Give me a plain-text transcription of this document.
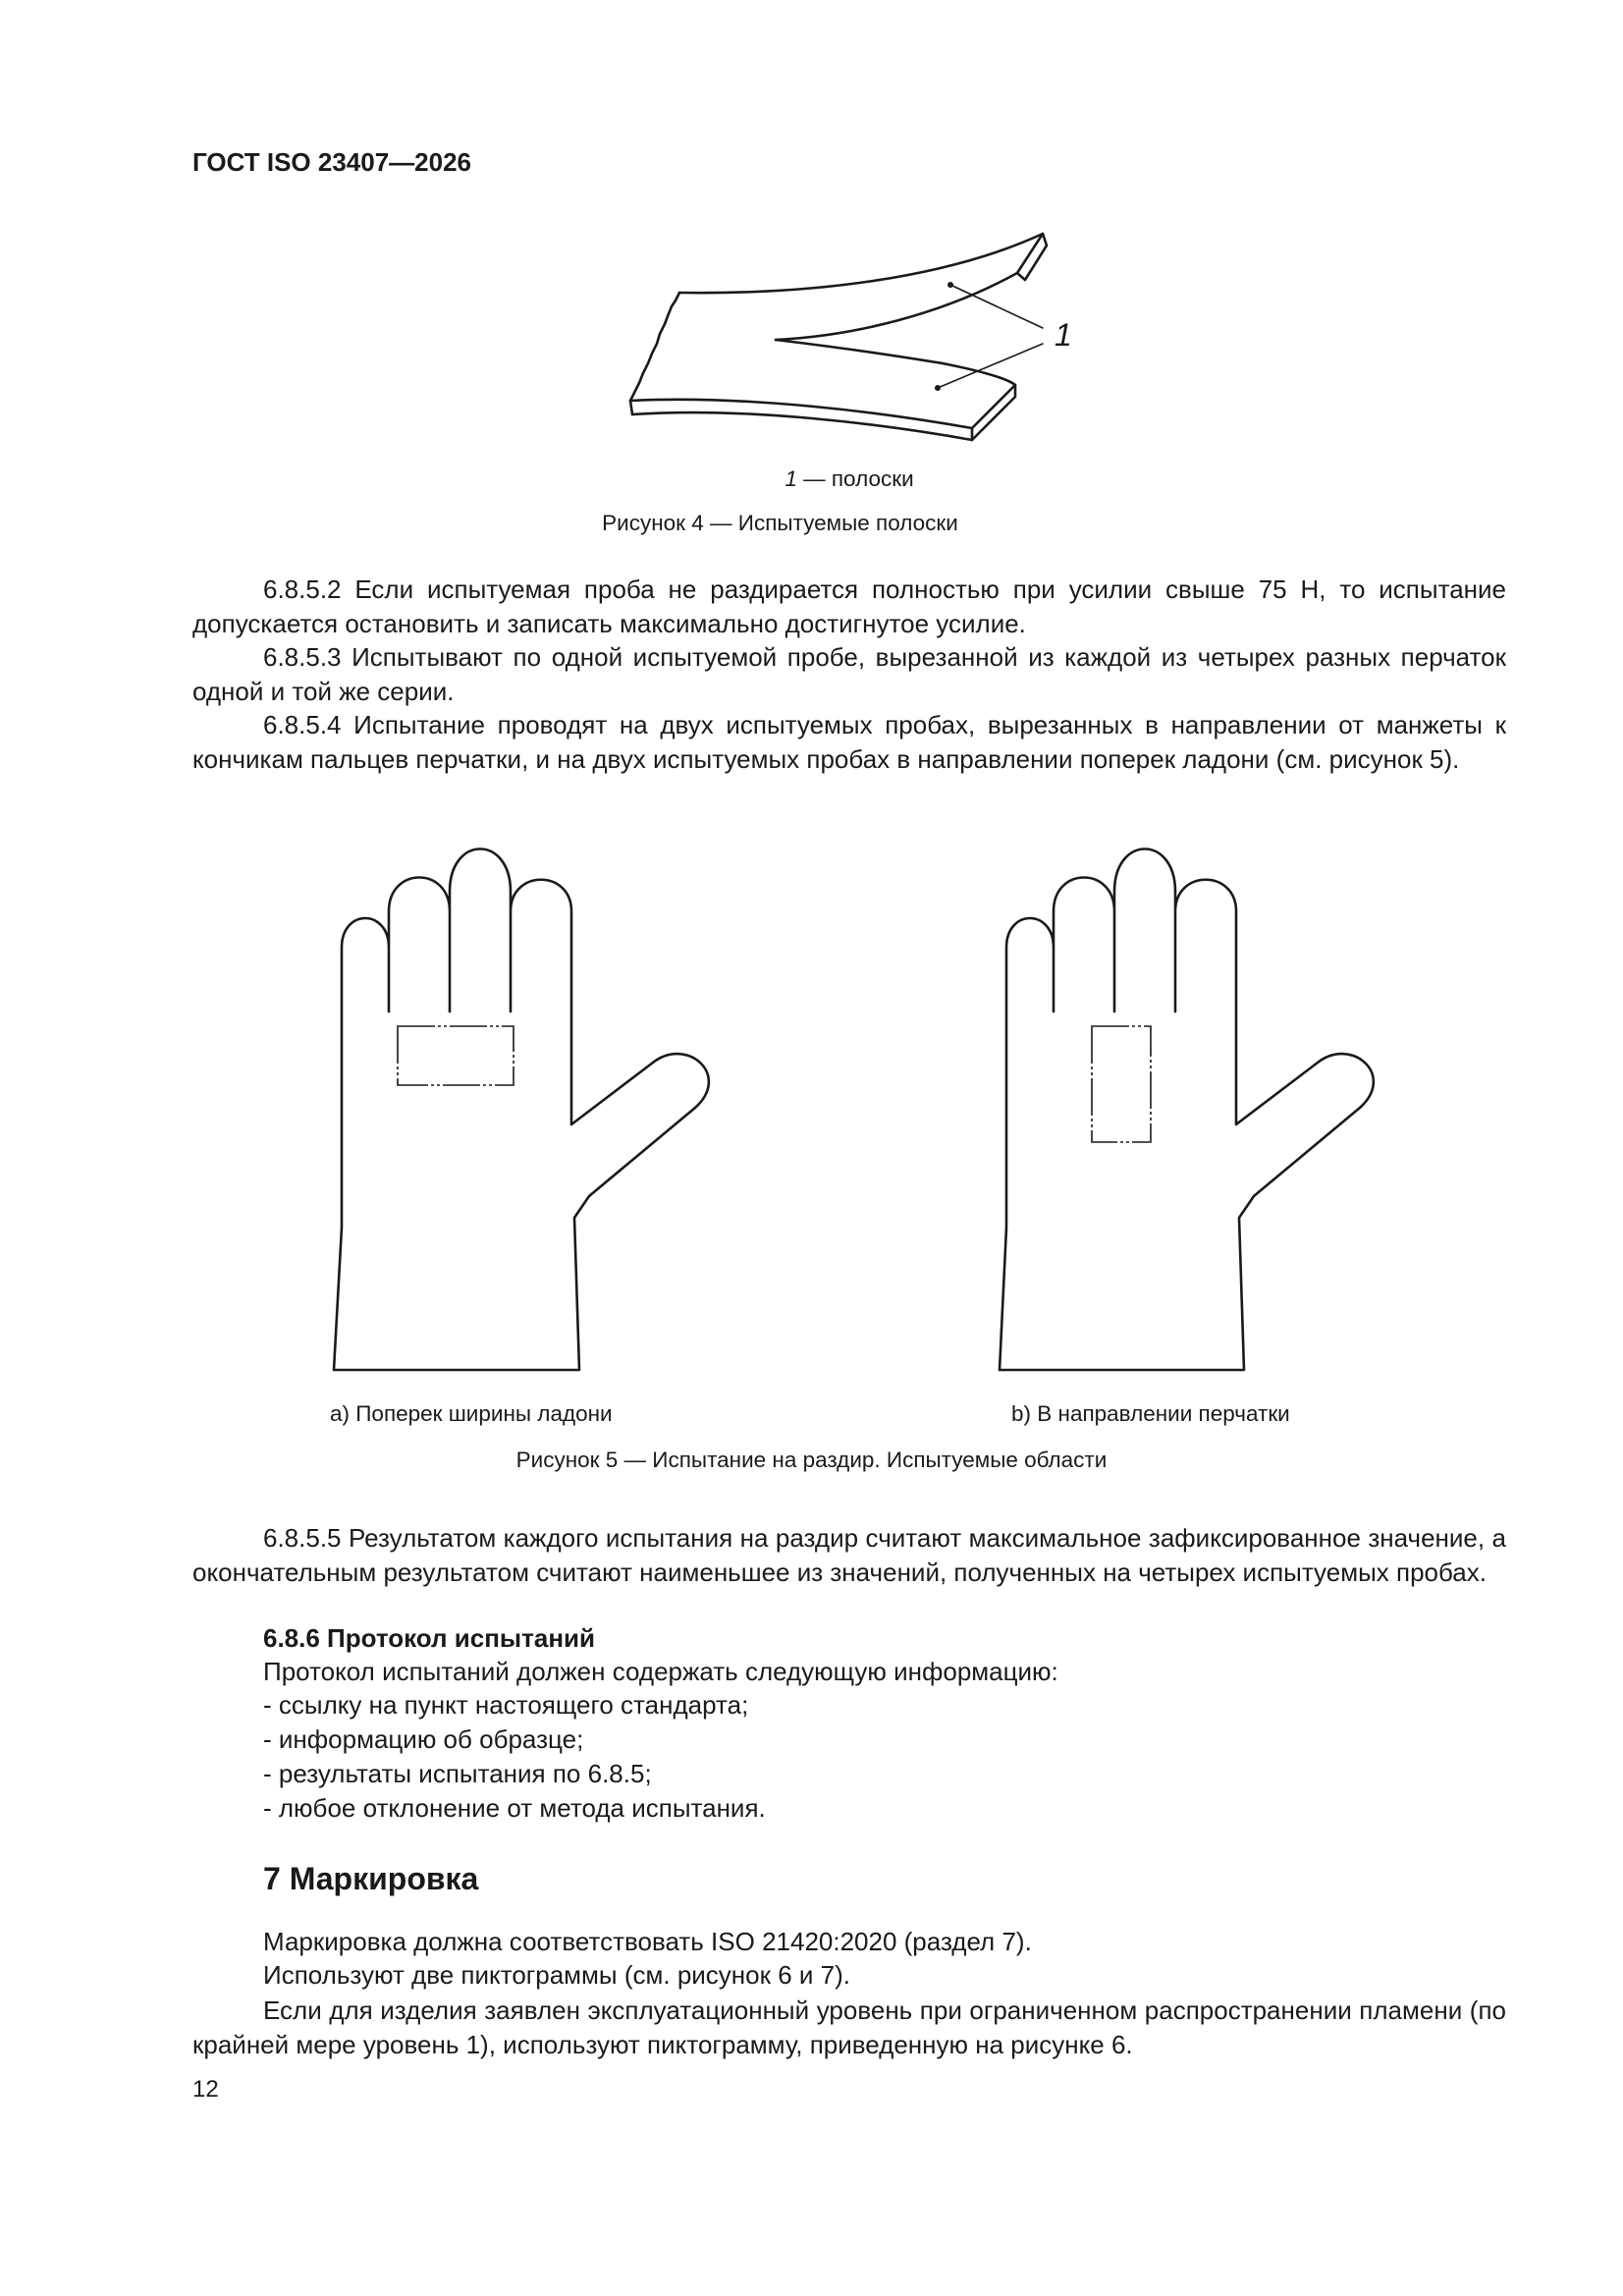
ГОСТ ISO 23407—2026
1
1 — полоски
Рисунок 4 — Испытуемые полоски
6.8.5.2 Если испытуемая проба не раздирается полностью при усилии свыше 75 Н, то испытание допускается остановить и записать максимально достигнутое усилие.
6.8.5.3 Испытывают по одной испытуемой пробе, вырезанной из каждой из четырех разных перчаток одной и той же серии.
6.8.5.4 Испытание проводят на двух испытуемых пробах, вырезанных в направлении от манжеты к кончикам пальцев перчатки, и на двух испытуемых пробах в направлении поперек ладони (см. рисунок 5).
а) Поперек ширины ладони	b) В направлении перчатки
Рисунок 5 — Испытание на раздир. Испытуемые области
6.8.5.5 Результатом каждого испытания на раздир считают максимальное зафиксированное значение, а окончательным результатом считают наименьшее из значений, полученных на четырех испытуемых пробах.
6.8.6 Протокол испытаний
Протокол испытаний должен содержать следующую информацию:
- ссылку на пункт настоящего стандарта;
- информацию об образце;
- результаты испытания по 6.8.5;
- любое отклонение от метода испытания.
7 Маркировка
Маркировка должна соответствовать ISO 21420:2020 (раздел 7).
Используют две пиктограммы (см. рисунок 6 и 7).
Если для изделия заявлен эксплуатационный уровень при ограниченном распространении пламени (по крайней мере уровень 1), используют пиктограмму, приведенную на рисунке 6.
12
